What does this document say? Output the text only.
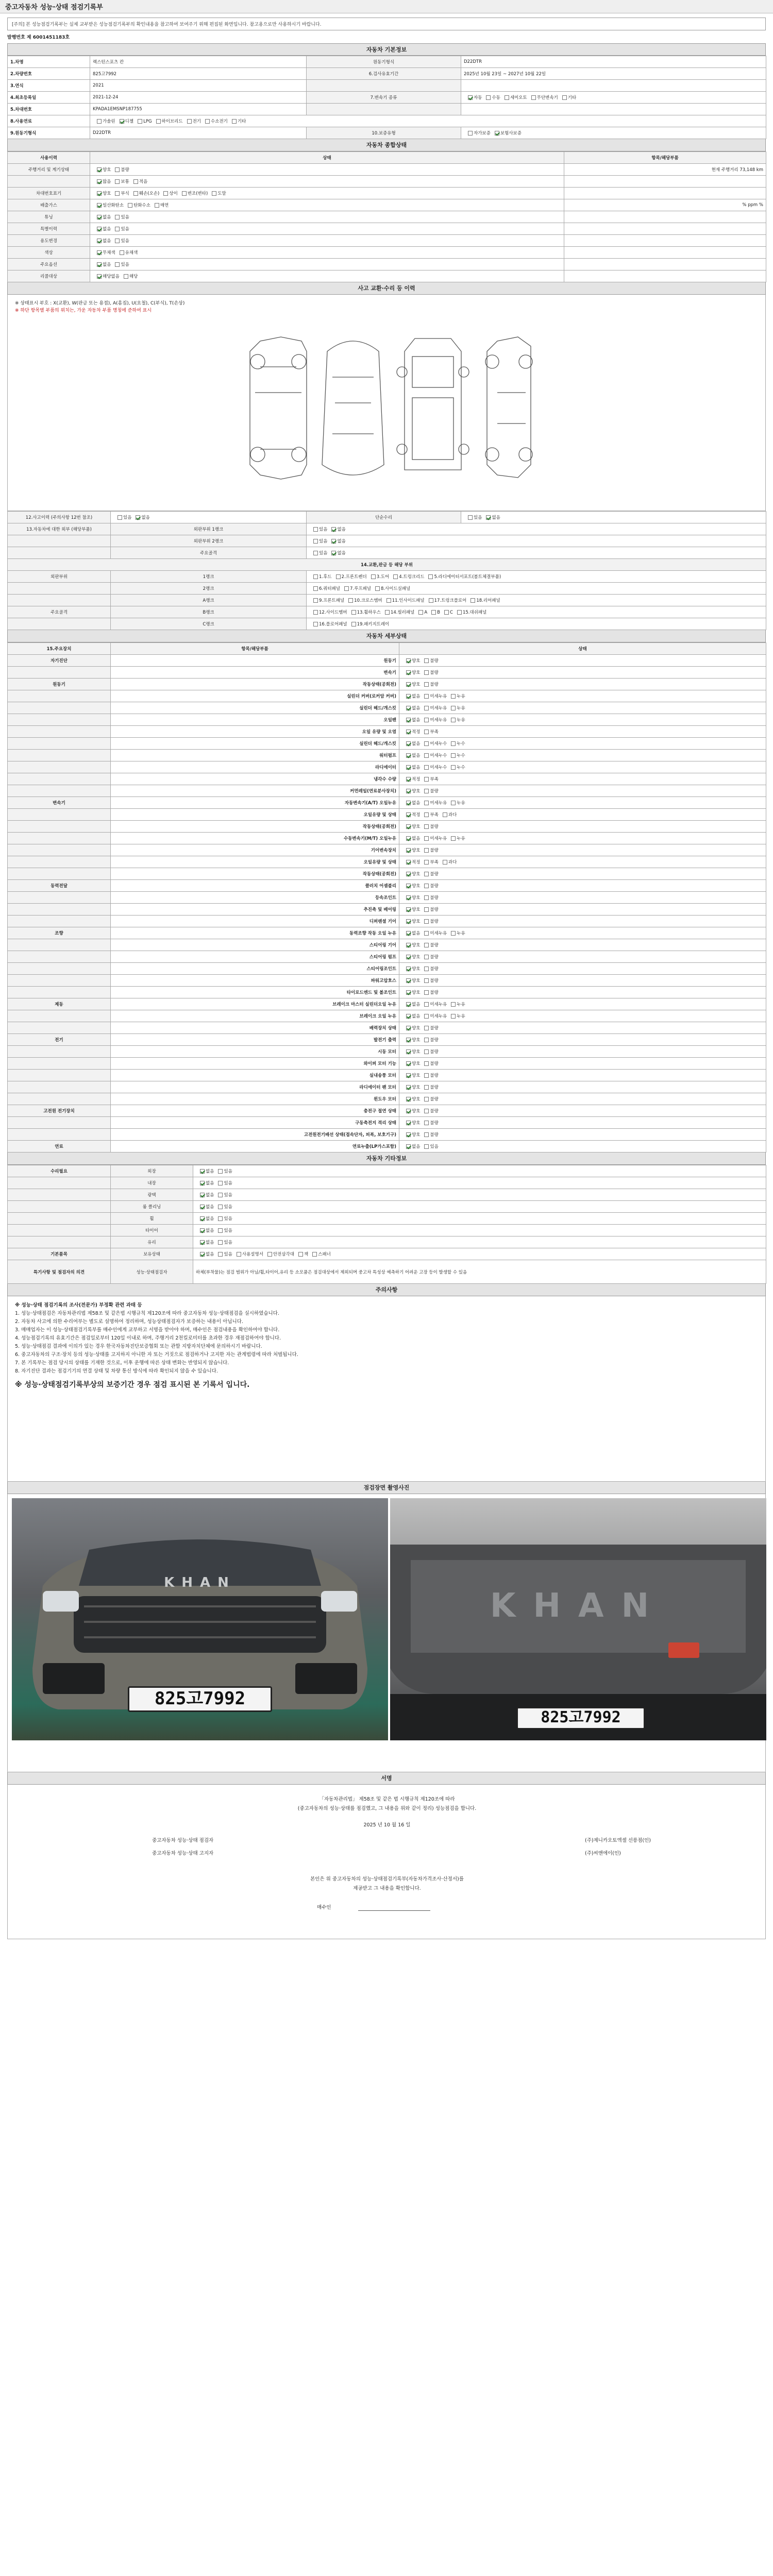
중고자동차 성능·상태 점검기록부
[주의] 본 성능점검기록부는 실제 교부받은 성능점검기록부의 확인내용을 참고하여 보여주기 위해 편집된 화면입니다. 참고용으로만 사용하시기 바랍니다.
발행번호 제 6001451183호
자동차 기본정보
1.차명	렉스턴스포츠 칸	원동기형식	D22DTR
2.차량번호	825고7992	6.검사유효기간	2025년 10월 23일 ~ 2027년 10월 22일
3.연식	2021		
4.최초등록일	2021-12-24	7.변속기 종류	자동 수동 세미오토 무단변속기 기타
5.차대번호	KPADA1EMSNP187755		
8.사용연료	가솔린 디젤 LPG 하이브리드 전기 수소전기 기타		
9.원동기형식	D22DTR	10.보증유형	자가보증 보험사보증
자동차 종합상태
사용이력	상태	항목/해당부품
주행거리 및 계기상태	양호 불량	현재 주행거리 73,148 km
	많음 보통 적음	
차대번호표기	양호 부식 훼손(오손) 상이 변조(변타) 도말	
배출가스	일산화탄소 탄화수소 매연	% ppm %
튜닝	없음 있음	
특별이력	없음 있음	
용도변경	없음 있음	
색상	무채색 유채색	
주요옵션	없음 있음	
리콜대상	해당없음 해당	
사고 교환·수리 등 이력
※ 상태표시 부호 : X(교환), W(판금 또는 용접), A(흠집), U(요철), C(부식), T(손상)
※ 하단 항목별 부품의 위치는, 가운 자동차 부품 명칭에 준하여 표시
12.사고이력 (주의사항 12번 참조)	있음 없음	단순수리	있음 없음
13.자동차에 대한 외부 (해당부품)	외판부위 1랭크	있음 없음	
	외판부위 2랭크	있음 없음	
	주요골격	있음 없음	
14.교환,판금 등 해당 부위			
외판부위	1랭크	1.후드 2.프론트펜더 3.도어 4.트렁크리드 5.라디에이터서포트(볼트체결부품)	
	2랭크	6.쿼터패널 7.루프패널 8.사이드실패널	
	A랭크	9.프론트패널 10.크로스멤버 11.인사이드패널 17.트렁크플로어 18.리어패널	
주요골격	B랭크	12.사이드멤버 13.휠하우스 14.필러패널 A B C 15.대쉬패널	
	C랭크	16.플로어패널 19.패키지트레이	
자동차 세부상태
15.주요장치	항목/해당부품	상태
자기진단	원동기	양호 불량
	변속기	양호 불량
원동기	작동상태(공회전)	양호 불량
	실린더 커버(로커암 커버)	없음 미세누유 누유
	실린더 헤드/개스킷	없음 미세누유 누유
	오일팬	없음 미세누유 누유
	오일 유량 및 오염	적정 부족
	실린더 헤드/개스킷	없음 미세누수 누수
	워터펌프	없음 미세누수 누수
	라디에이터	없음 미세누수 누수
	냉각수 수량	적정 부족
	커먼레일(연료분사장치)	양호 불량
변속기	자동변속기(A/T) 오일누유	없음 미세누유 누유
	오일유량 및 상태	적정 부족 과다
	작동상태(공회전)	양호 불량
	수동변속기(M/T) 오일누유	없음 미세누유 누유
	기어변속장치	양호 불량
	오일유량 및 상태	적정 부족 과다
	작동상태(공회전)	양호 불량
동력전달	클러치 어셈블리	양호 불량
	등속조인트	양호 불량
	추진축 및 베어링	양호 불량
	디퍼렌셜 기어	양호 불량
조향	동력조향 작동 오일 누유	없음 미세누유 누유
	스티어링 기어	양호 불량
	스티어링 펌프	양호 불량
	스티어링조인트	양호 불량
	파워고압호스	양호 불량
	타이로드엔드 및 볼조인트	양호 불량
제동	브레이크 마스터 실린더오일 누유	없음 미세누유 누유
	브레이크 오일 누유	없음 미세누유 누유
	배력장치 상태	양호 불량
전기	발전기 출력	양호 불량
	시동 모터	양호 불량
	와이퍼 모터 기능	양호 불량
	실내송풍 모터	양호 불량
	라디에이터 팬 모터	양호 불량
	윈도우 모터	양호 불량
고전원 전기장치	충전구 절연 상태	양호 불량
	구동축전지 격리 상태	양호 불량
	고전원전기배선 상태(접속단자, 피복, 보호기구)	양호 불량
연료	연료누출(LP가스포함)	없음 있음
자동차 기타정보
수리필요	외장	없음 있음
	내장	없음 있음
	광택	없음 있음
	룸 클리닝	없음 있음
	휠	없음 있음
	타이어	없음 있음
	유리	없음 있음
기본품목	보유상태	없음 있음 사용설명서 안전삼각대 잭 스패너
특기사항 및 점검자의 의견	성능·상태점검자	하체(부착물)는 점검 범위가 아님/휠,타이어,유리 등 소모품은 점검대상에서 제외되며 중고차 특성상 예측하기 어려운 고장 등이 발생할 수 있음
주의사항
※ 성능·상태 점검기록의 조사(전문가) 부정확 관련 과태 등
1. 성능·상태점검은 자동차관리법 제58조 및 같은법 시행규칙 제120조에 따라 중고자동차 성능·상태점검을 실시하였습니다.
2. 자동차 사고에 의한 수리여부는 별도로 설명하여 정리하며, 성능상태점검자가 보증하는 내용이 아닙니다.
3. 매매업자는 이 성능·상태점검기록부를 매수인에게 교부하고 서명을 받아야 하며, 매수인은 점검내용을 확인하여야 합니다.
4. 성능점검기록의 유효기간은 점검일로부터 120일 이내로 하며, 주행거리 2천킬로미터를 초과한 경우 재점검하여야 합니다.
5. 성능·상태점검 결과에 이의가 있는 경우 한국자동차진단보증협회 또는 관할 지방자치단체에 문의하시기 바랍니다.
6. 중고자동차의 구조·장치 등의 성능·상태를 고지하지 아니한 자 또는 거짓으로 점검하거나 고지한 자는 관계법령에 따라 처벌됩니다.
7. 본 기록부는 점검 당시의 상태를 기재한 것으로, 이후 운행에 따른 상태 변화는 반영되지 않습니다.
8. 자기진단 결과는 점검기기의 연결 상태 및 차량 통신 방식에 따라 확인되지 않을 수 있습니다.
※ 성능·상태점검기록부상의 보증기간 경우 점검 표시된 본 기록서 입니다.
점검장면 촬영사진
KHAN
825고7992
KHAN
825고7992
서명
「자동차관리법」 제58조 및 같은 법 시행규칙 제120조에 따라
(중고자동차의 성능·상태를 점검했고, 그 내용을 위와 같이 정리) 성능점검을 합니다.
2025 년 10 월 16 일
중고자동차 성능·상태 점검자	(주)제니카오토엑셀 선릉점(인)
중고자동차 성능·상태 고지자	(주)씨앤에이(인)
본인은 위 중고자동차의 성능·상태점검기록부(자동차가격조사·산정서)를
제공받고 그 내용을 확인합니다.
매수인
